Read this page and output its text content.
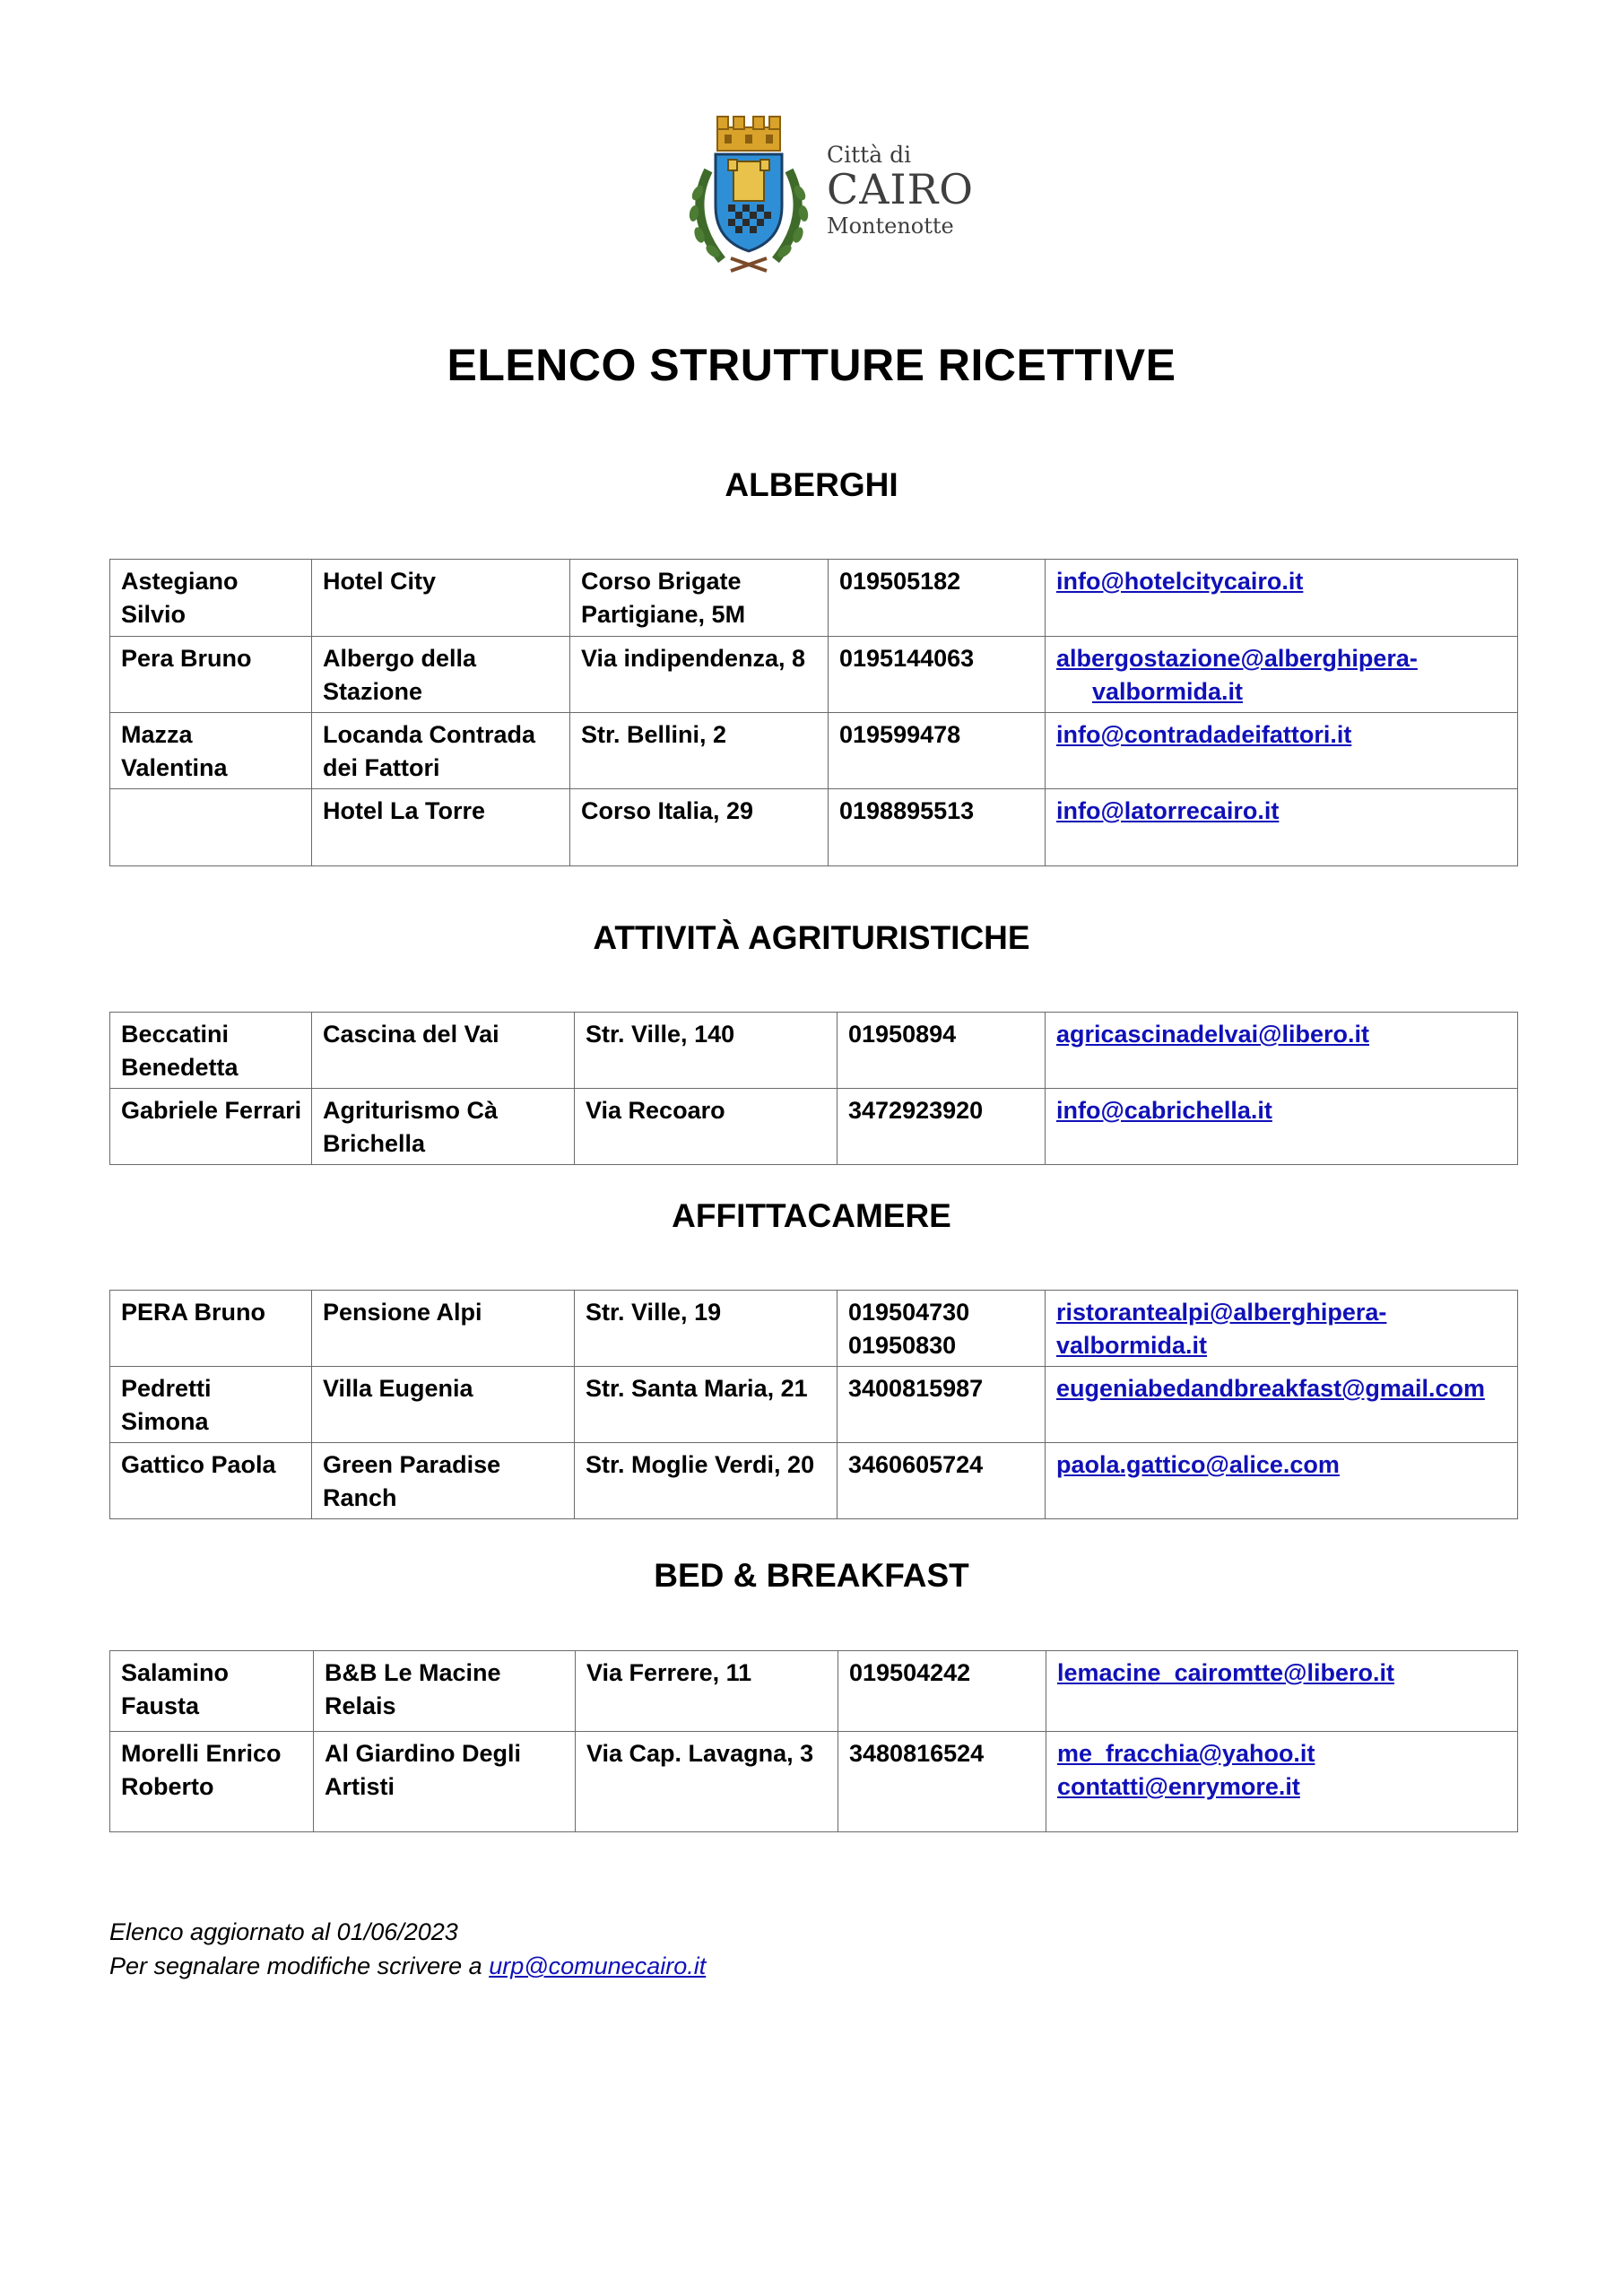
Città di
CAIRO
Montenotte
ELENCO STRUTTURE RICETTIVE
ALBERGHI
Astegiano Silvio	Hotel City	Corso Brigate Partigiane, 5M	019505182	info@hotelcitycairo.it
Pera Bruno	Albergo della Stazione	Via indipendenza, 8	0195144063	albergostazione@alberghipera-
valbormida.it

Mazza Valentina	Locanda Contrada dei Fattori	Str. Bellini, 2	019599478	info@contradadeifattori.it
	Hotel La Torre	Corso Italia, 29	0198895513	info@latorrecairo.it
ATTIVITÀ AGRITURISTICHE
Beccatini Benedetta	Cascina del Vai	Str. Ville, 140	01950894	agricascinadelvai@libero.it
Gabriele Ferrari	Agriturismo Cà Brichella	Via Recoaro	3472923920	info@cabrichella.it
AFFITTACAMERE
PERA Bruno	Pensione Alpi	Str. Ville, 19	019504730 01950830	ristorantealpi@alberghipera-
valbormida.it

Pedretti Simona	Villa Eugenia	Str. Santa Maria, 21	3400815987	eugeniabedandbreakfast@gmail.com
Gattico Paola	Green Paradise Ranch	Str. Moglie Verdi, 20	3460605724	paola.gattico@alice.com
BED & BREAKFAST
Salamino Fausta	B&B Le Macine Relais	Via Ferrere, 11	019504242	lemacine_cairomtte@libero.it
Morelli Enrico Roberto	Al Giardino Degli Artisti	Via Cap. Lavagna, 3	3480816524	me_fracchia@yahoo.it
contatti@enrymore.it
Elenco aggiornato al 01/06/2023
Per segnalare modifiche scrivere a urp@comunecairo.it
